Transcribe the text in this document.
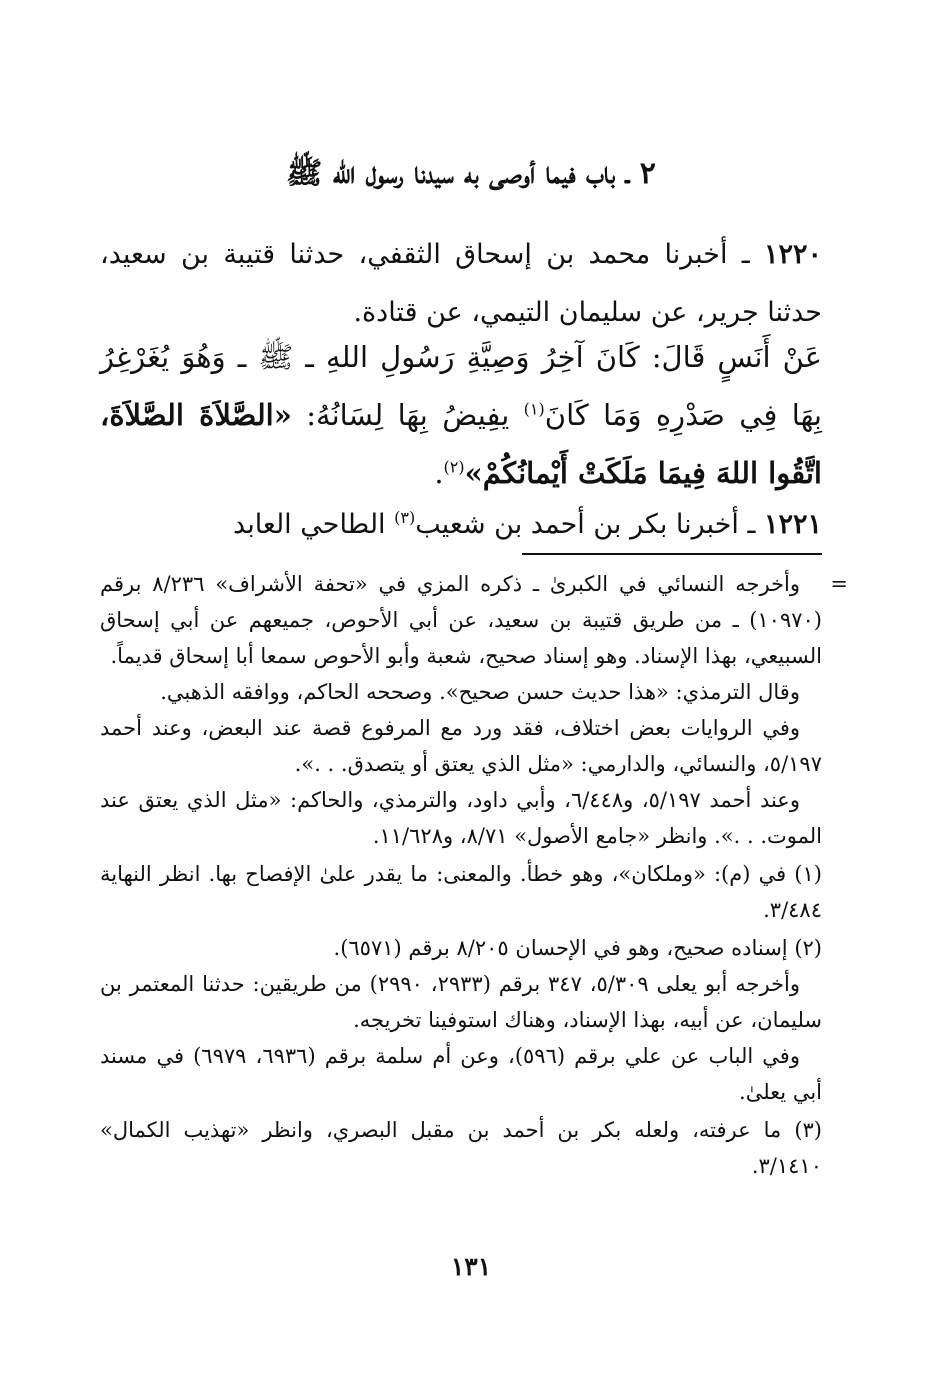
٢ ـ باب فيما أوصى به سيدنا رسول الله ﷺ
١٢٢٠ ـ أخبرنا محمد بن إسحاق الثقفي، حدثنا قتيبة بن سعيد، حدثنا جرير، عن سليمان التيمي، عن قتادة.
عَنْ أَنَسٍ قَالَ: كَانَ آخِرُ وَصِيَّةِ رَسُولِ اللهِ ـ ﷺ ـ وَهُوَ يُغَرْغِرُ بِهَا فِي صَدْرِهِ وَمَا كَانَ$^{(١)}$ يفِيضُ بِهَا لِسَانُهُ: «الصَّلاَةَ الصَّلاَةَ، اتَّقُوا اللهَ فِيمَا مَلَكَتْ أَيْمانُكُمْ»$^{(٢)}$.
١٢٢١ ـ أخبرنا بكر بن أحمد بن شعيب$^{(٣)}$ الطاحي العابد
=
وأخرجه النسائي في الكبرىٰ ـ ذكره المزي في «تحفة الأشراف» ٨/٢٣٦ برقم (١٠٩٧٠) ـ من طريق قتيبة بن سعيد، عن أبي الأحوص، جميعهم عن أبي إسحاق السبيعي، بهذا الإسناد. وهو إسناد صحيح، شعبة وأبو الأحوص سمعا أبا إسحاق قديماً.
وقال الترمذي: «هذا حديث حسن صحيح». وصححه الحاكم، ووافقه الذهبي.
وفي الروايات بعض اختلاف، فقد ورد مع المرفوع قصة عند البعض، وعند أحمد ٥/١٩٧، والنسائي، والدارمي: «مثل الذي يعتق أو يتصدق. . .».
وعند أحمد ٥/١٩٧، و٦/٤٤٨، وأبي داود، والترمذي، والحاكم: «مثل الذي يعتق عند الموت. . .». وانظر «جامع الأصول» ٨/٧١، و١١/٦٢٨.
(١) في (م): «وملكان»، وهو خطأ. والمعنى: ما يقدر علىٰ الإفصاح بها. انظر النهاية ٣/٤٨٤.
(٢) إسناده صحيح، وهو في الإحسان ٨/٢٠٥ برقم (٦٥٧١).
وأخرجه أبو يعلى ٥/٣٠٩، ٣٤٧ برقم (٢٩٣٣، ٢٩٩٠) من طريقين: حدثنا المعتمر بن سليمان، عن أبيه، بهذا الإسناد، وهناك استوفينا تخريجه.
وفي الباب عن علي برقم (٥٩٦)، وعن أم سلمة برقم (٦٩٣٦، ٦٩٧٩) في مسند أبي يعلىٰ.
(٣) ما عرفته، ولعله بكر بن أحمد بن مقبل البصري، وانظر «تهذيب الكمال» ٣/١٤١٠.
١٣١
